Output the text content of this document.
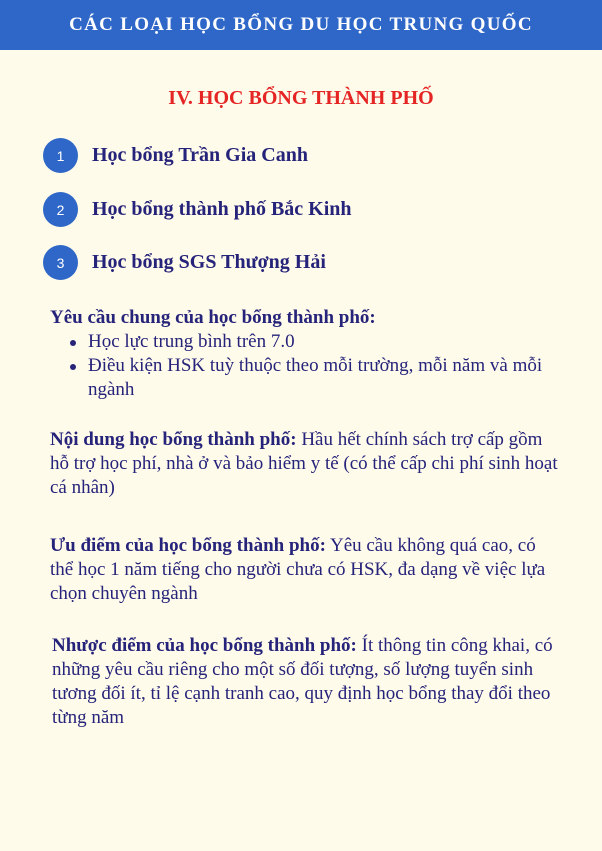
CÁC LOẠI HỌC BỔNG DU HỌC TRUNG QUỐC
IV. HỌC BỔNG THÀNH PHỐ
1	Học bổng Trần Gia Canh
2	Học bổng thành phố Bắc Kinh
3	Học bổng SGS Thượng Hải
Yêu cầu chung của học bổng thành phố:
Học lực trung bình trên 7.0
Điều kiện HSK tuỳ thuộc theo mỗi trường, mỗi năm và mỗi ngành
Nội dung học bổng thành phố: Hầu hết chính sách trợ cấp gồm hỗ trợ học phí, nhà ở và bảo hiểm y tế (có thể cấp chi phí sinh hoạt cá nhân)
Ưu điểm của học bổng thành phố: Yêu cầu không quá cao, có thể học 1 năm tiếng cho người chưa có HSK, đa dạng về việc lựa chọn chuyên ngành
Nhược điểm của học bổng thành phố: Ít thông tin công khai, có những yêu cầu riêng cho một số đối tượng, số lượng tuyển sinh tương đối ít, tỉ lệ cạnh tranh cao, quy định học bổng thay đổi theo từng năm
